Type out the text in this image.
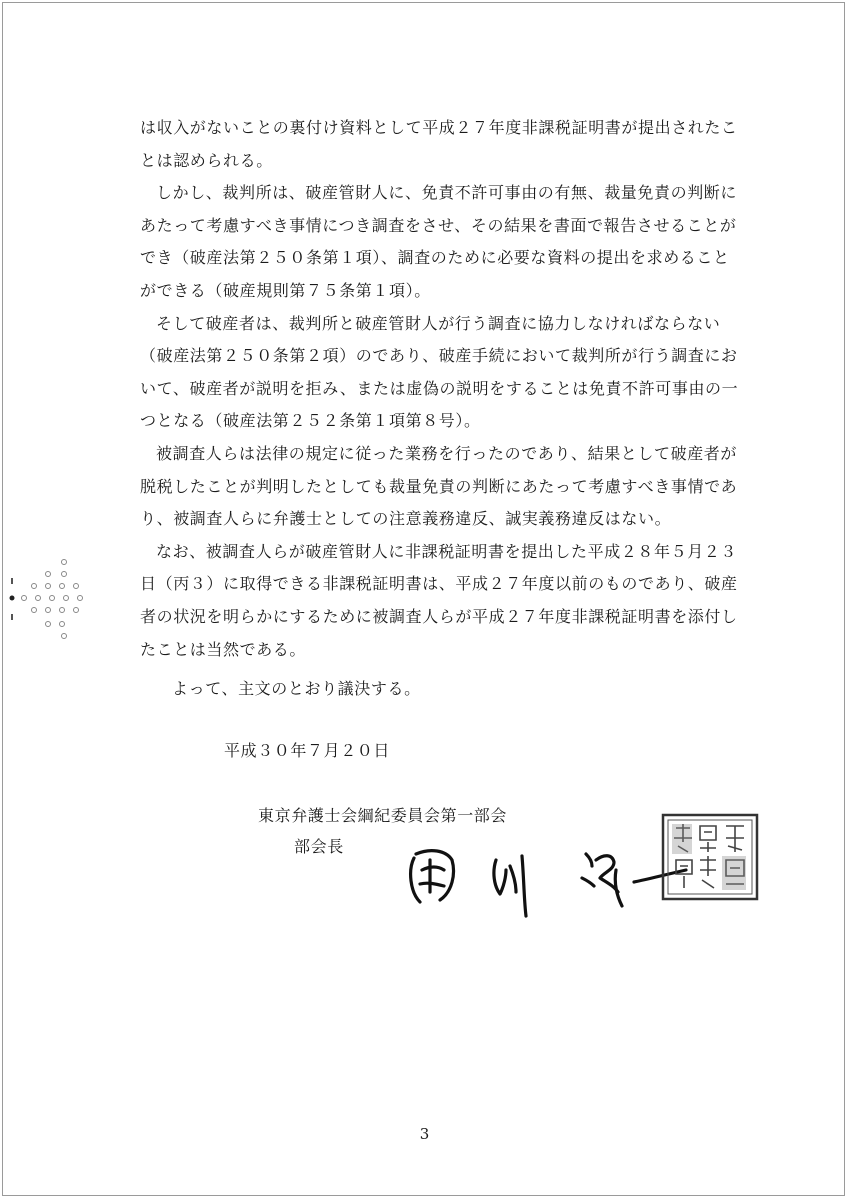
は収入がないことの裏付け資料として平成２７年度非課税証明書が提出されたことは認められる。

しかし、裁判所は、破産管財人に、免責不許可事由の有無、裁量免責の判断にあたって考慮すべき事情につき調査をさせ、その結果を書面で報告させることができ（破産法第２５０条第１項）、調査のために必要な資料の提出を求めることができる（破産規則第７５条第１項）。

そして破産者は、裁判所と破産管財人が行う調査に協力しなければならない（破産法第２５０条第２項）のであり、破産手続において裁判所が行う調査において、破産者が説明を拒み、または虚偽の説明をすることは免責不許可事由の一つとなる（破産法第２５２条第１項第８号）。

被調査人らは法律の規定に従った業務を行ったのであり、結果として破産者が脱税したことが判明したとしても裁量免責の判断にあたって考慮すべき事情であり、被調査人らに弁護士としての注意義務違反、誠実義務違反はない。

なお、被調査人らが破産管財人に非課税証明書を提出した平成２８年５月２３日（丙３）に取得できる非課税証明書は、平成２７年度以前のものであり、破産者の状況を明らかにするために被調査人らが平成２７年度非課税証明書を添付したことは当然である。

よって、主文のとおり議決する。
平成３０年７月２０日
東京弁護士会綱紀委員会第一部会
部会長
3
